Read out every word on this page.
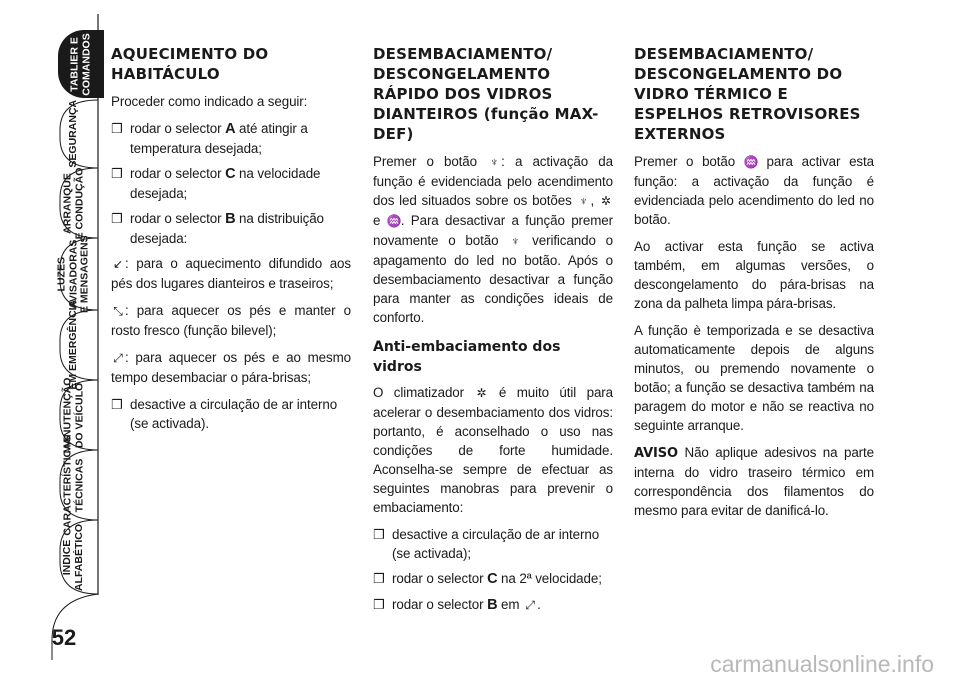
TABLIER E
COMANDOS
SEGURANÇA
ARRANQUE
E CONDUÇÃO
LUZES
AVISADORAS
E MENSAGENS
EM EMERGÊNCIA
MANUTENÇÃO
DO VEÍCULO
CARACTERÍSTICAS
TÉCNICAS
ÍNDICE
ALFABÉTICO
52
AQUECIMENTO DO HABITÁCULO

Proceder como indicado a seguir:

❒ rodar o selector A até atingir a temperatura desejada;

❒ rodar o selector C na velocidade desejada;

❒ rodar o selector B na distribuição desejada:

↙ : para o aquecimento difundido aos pés dos lugares dianteiros e traseiros;

⤡ : para aquecer os pés e manter o rosto fresco (função bilevel);

⤢ : para aquecer os pés e ao mesmo tempo desembaciar o pára-brisas;

❒ desactive a circulação de ar interno (se activada).

DESEMBACIAMENTO/ DESCONGELAMENTO RÁPIDO DOS VIDROS DIANTEIROS (função MAX-DEF)

Premer o botão ♆ : a activação da função é evidenciada pelo acendimento dos led situados sobre os botões ♆ , ✲ e ♒. Para desactivar a função premer novamente o botão ♆ verificando o apagamento do led no botão. Após o desembaciamento desactivar a função para manter as condições ideais de conforto.

Anti-embaciamento dos vidros

O climatizador ✲ é muito útil para acelerar o desembaciamento dos vidros: portanto, é aconselhado o uso nas condições de forte humidade. Aconselha-se sempre de efectuar as seguintes manobras para prevenir o embaciamento:

❒ desactive a circulação de ar interno (se activada);

❒ rodar o selector C na 2ª velocidade;

❒ rodar o selector B em ⤢ .

DESEMBACIAMENTO/ DESCONGELAMENTO DO VIDRO TÉRMICO E ESPELHOS RETROVISORES EXTERNOS

Premer o botão ♒ para activar esta função: a activação da função é evidenciada pelo acendimento do led no botão.

Ao activar esta função se activa também, em algumas versões, o descongelamento do pára-brisas na zona da palheta limpa pára-brisas.

A função è temporizada e se desactiva automaticamente depois de alguns minutos, ou premendo novamente o botão; a função se desactiva também na paragem do motor e não se reactiva no seguinte arranque.

AVISO Não aplique adesivos na parte interna do vidro traseiro térmico em correspondência dos filamentos do mesmo para evitar de danificá-lo.

carmanualsonline.info
